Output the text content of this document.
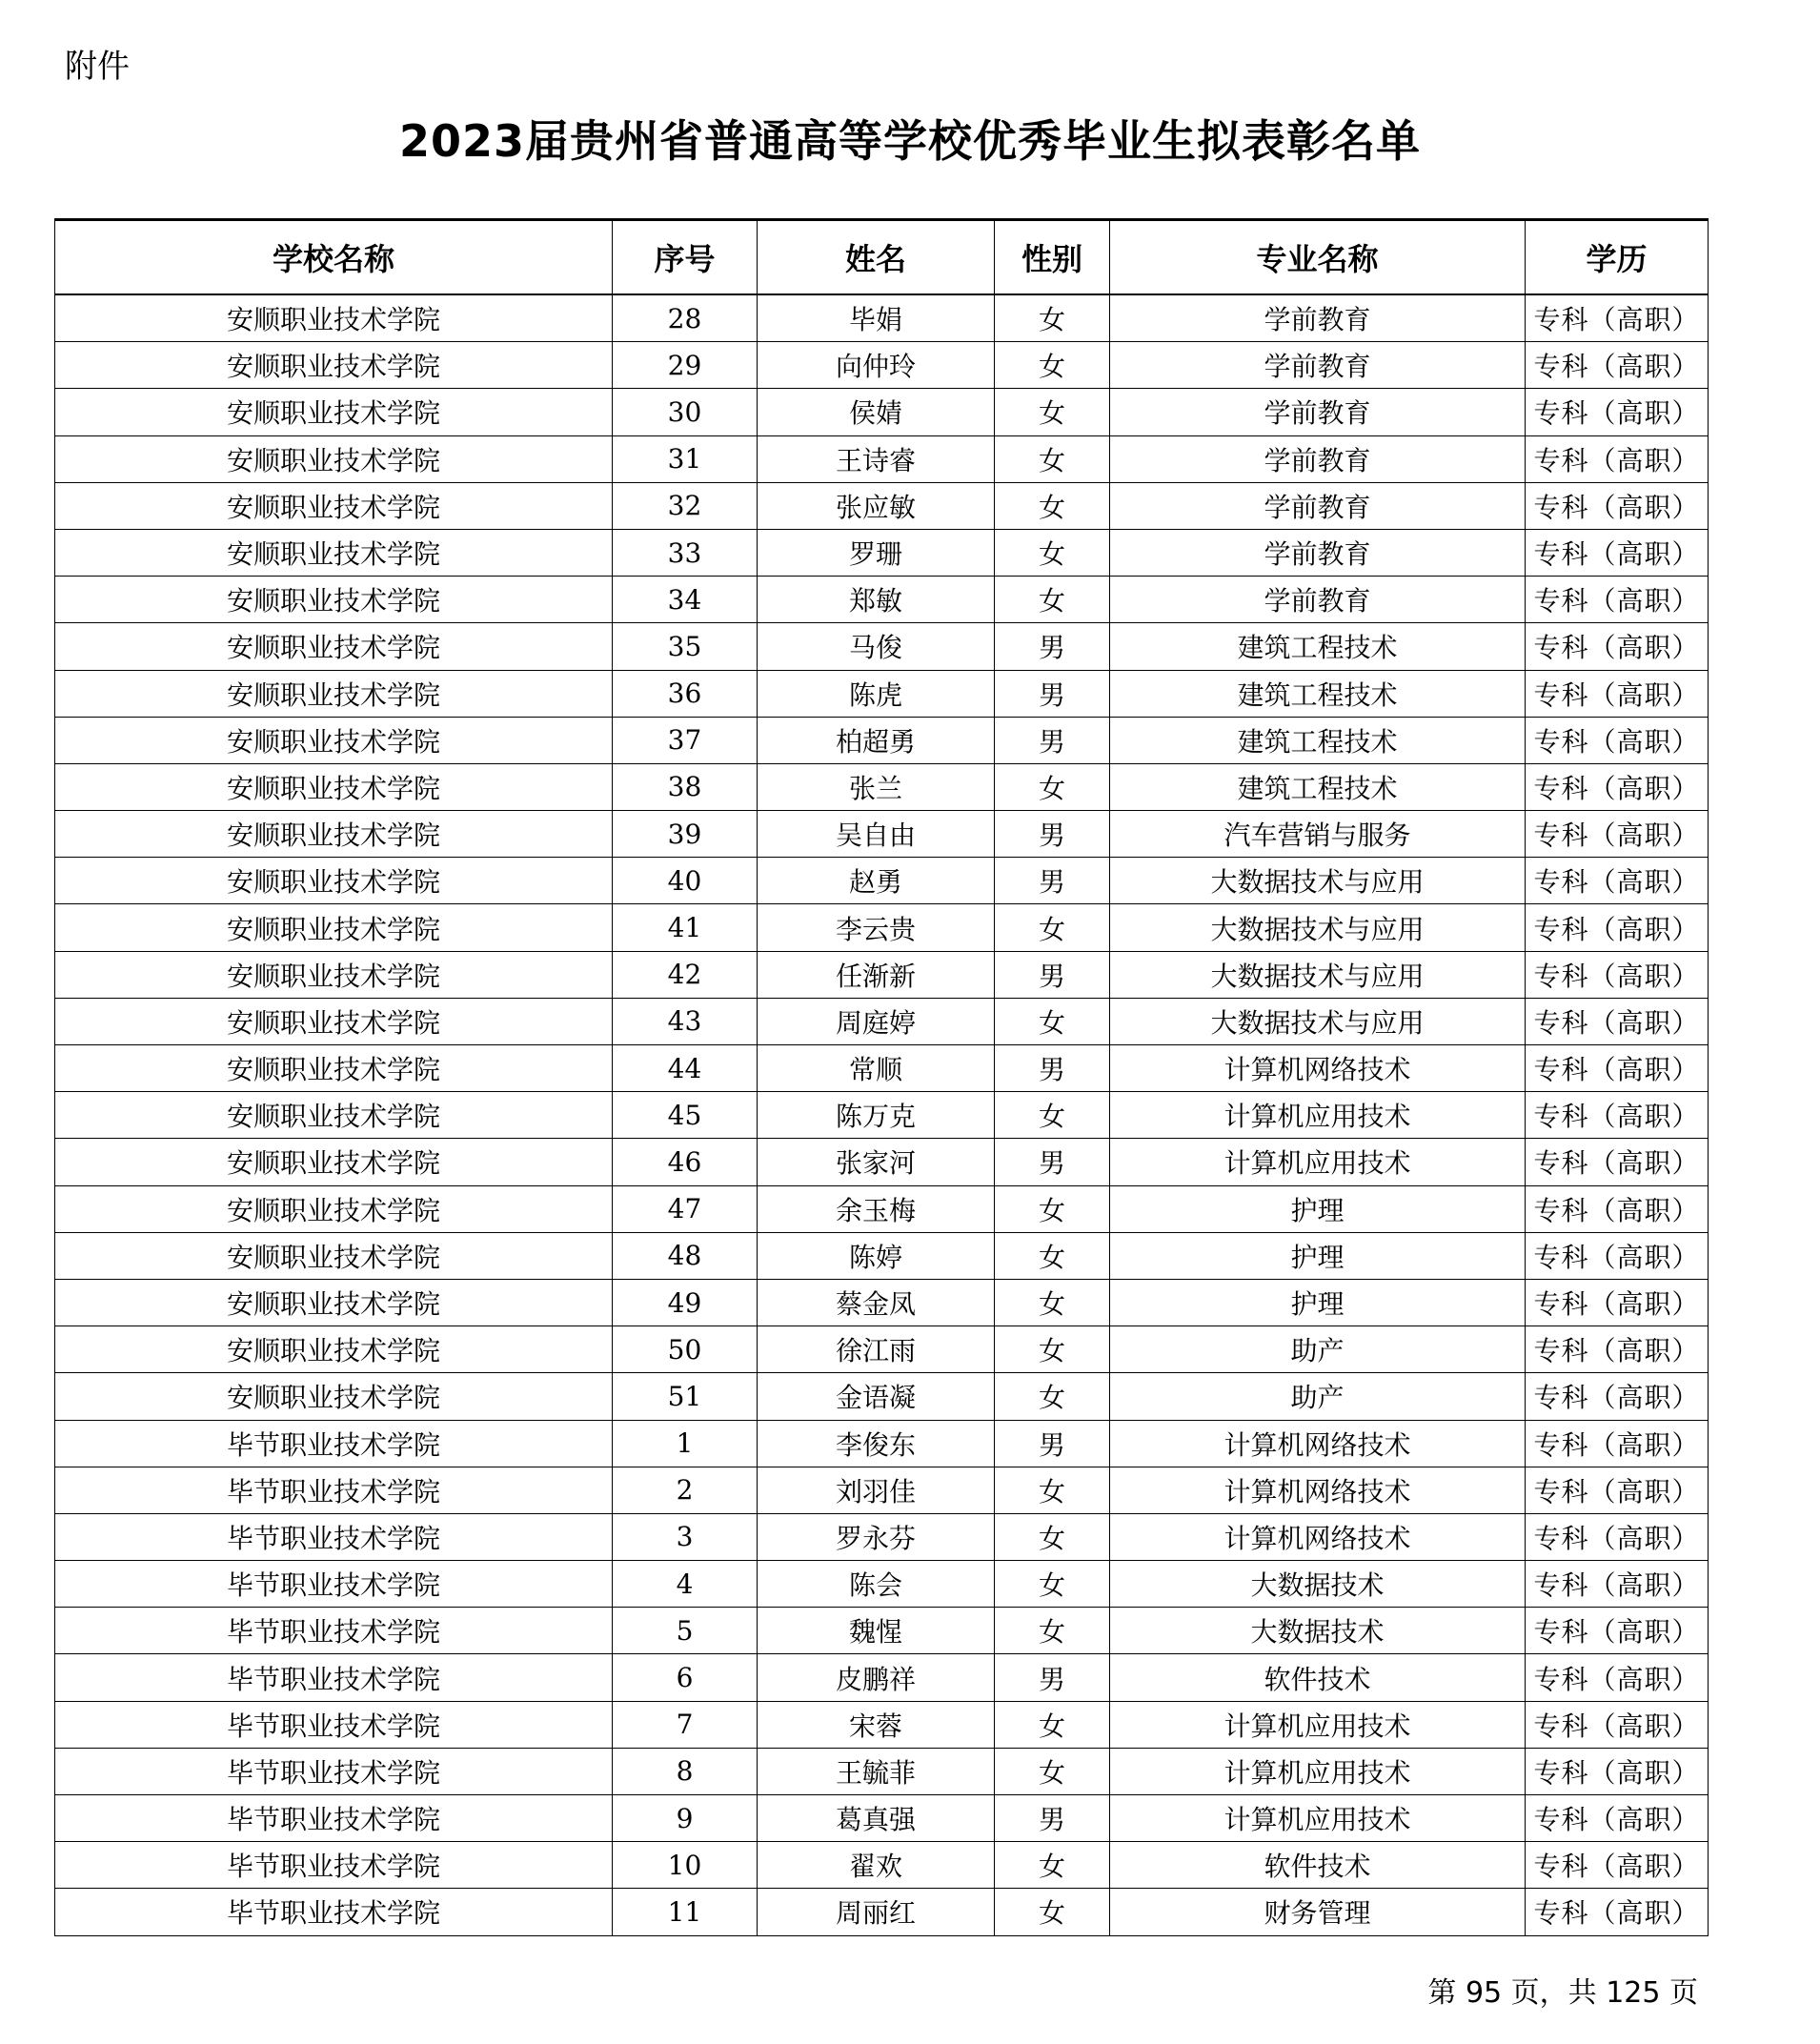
附件
2023届贵州省普通高等学校优秀毕业生拟表彰名单
学校名称	序号	姓名	性别	专业名称	学历
安顺职业技术学院	28	毕娟	女	学前教育	专科（高职）
安顺职业技术学院	29	向仲玲	女	学前教育	专科（高职）
安顺职业技术学院	30	侯婧	女	学前教育	专科（高职）
安顺职业技术学院	31	王诗睿	女	学前教育	专科（高职）
安顺职业技术学院	32	张应敏	女	学前教育	专科（高职）
安顺职业技术学院	33	罗珊	女	学前教育	专科（高职）
安顺职业技术学院	34	郑敏	女	学前教育	专科（高职）
安顺职业技术学院	35	马俊	男	建筑工程技术	专科（高职）
安顺职业技术学院	36	陈虎	男	建筑工程技术	专科（高职）
安顺职业技术学院	37	柏超勇	男	建筑工程技术	专科（高职）
安顺职业技术学院	38	张兰	女	建筑工程技术	专科（高职）
安顺职业技术学院	39	吴自由	男	汽车营销与服务	专科（高职）
安顺职业技术学院	40	赵勇	男	大数据技术与应用	专科（高职）
安顺职业技术学院	41	李云贵	女	大数据技术与应用	专科（高职）
安顺职业技术学院	42	任渐新	男	大数据技术与应用	专科（高职）
安顺职业技术学院	43	周庭婷	女	大数据技术与应用	专科（高职）
安顺职业技术学院	44	常顺	男	计算机网络技术	专科（高职）
安顺职业技术学院	45	陈万克	女	计算机应用技术	专科（高职）
安顺职业技术学院	46	张家河	男	计算机应用技术	专科（高职）
安顺职业技术学院	47	余玉梅	女	护理	专科（高职）
安顺职业技术学院	48	陈婷	女	护理	专科（高职）
安顺职业技术学院	49	蔡金凤	女	护理	专科（高职）
安顺职业技术学院	50	徐江雨	女	助产	专科（高职）
安顺职业技术学院	51	金语凝	女	助产	专科（高职）
毕节职业技术学院	1	李俊东	男	计算机网络技术	专科（高职）
毕节职业技术学院	2	刘羽佳	女	计算机网络技术	专科（高职）
毕节职业技术学院	3	罗永芬	女	计算机网络技术	专科（高职）
毕节职业技术学院	4	陈会	女	大数据技术	专科（高职）
毕节职业技术学院	5	魏惺	女	大数据技术	专科（高职）
毕节职业技术学院	6	皮鹏祥	男	软件技术	专科（高职）
毕节职业技术学院	7	宋蓉	女	计算机应用技术	专科（高职）
毕节职业技术学院	8	王毓菲	女	计算机应用技术	专科（高职）
毕节职业技术学院	9	葛真强	男	计算机应用技术	专科（高职）
毕节职业技术学院	10	翟欢	女	软件技术	专科（高职）
毕节职业技术学院	11	周丽红	女	财务管理	专科（高职）
第 95 页，共 125 页
